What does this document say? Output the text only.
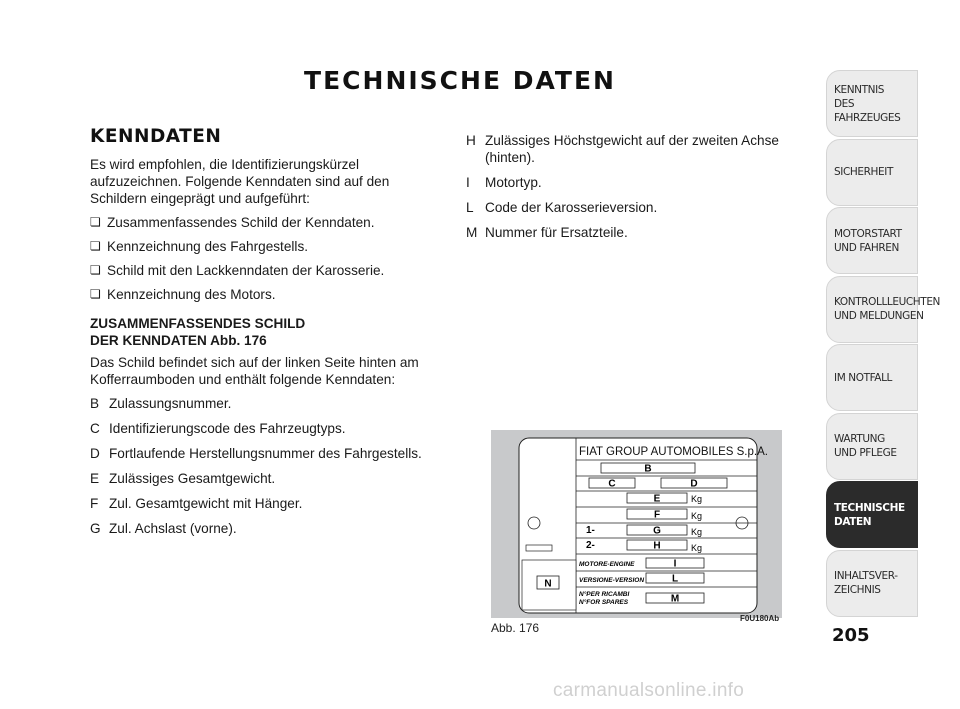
TECHNISCHE DATEN
KENNDATEN

Es wird empfohlen, die Identifizierungskürzel aufzuzeichnen. Folgende Kenndaten sind auf den Schildern eingeprägt und aufgeführt:

❏ Zusammenfassendes Schild der Kenndaten.
❏ Kennzeichnung des Fahrgestells.
❏ Schild mit den Lackkenndaten der Karosserie.
❏ Kennzeichnung des Motors.
ZUSAMMENFASSENDES SCHILD
DER KENNDATEN Abb. 176

Das Schild befindet sich auf der linken Seite hinten am Kofferraumboden und enthält folgende Kenndaten:

B Zulassungsnummer.
C Identifizierungscode des Fahrzeugtyps.
D Fortlaufende Herstellungsnummer des Fahrgestells.
E Zulässiges Gesamtgewicht.
F Zul. Gesamtgewicht mit Hänger.
G Zul. Achslast (vorne).
H Zulässiges Höchstgewicht auf der zweiten Achse (hinten).
I	Motortyp.
L Code der Karosserieversion.
M Nummer für Ersatzteile.
N
FIAT GROUP AUTOMOBILES S.p.A.
B
C	D
E	Kg
F	Kg
1-	G	Kg
2-	H	Kg
MOTORE-ENGINE	I
VERSIONE-VERSION	L
N°PER RICAMBI
N°FOR SPARES	M
Abb. 176
F0U180Ab
KENNTNIS
DES FAHRZEUGES
SICHERHEIT
MOTORSTART
UND FAHREN
KONTROLLLEUCHTEN
UND MELDUNGEN
IM NOTFALL
WARTUNG
UND PFLEGE
TECHNISCHE
DATEN
INHALTSVER-
ZEICHNIS
205
carmanualsonline.info
